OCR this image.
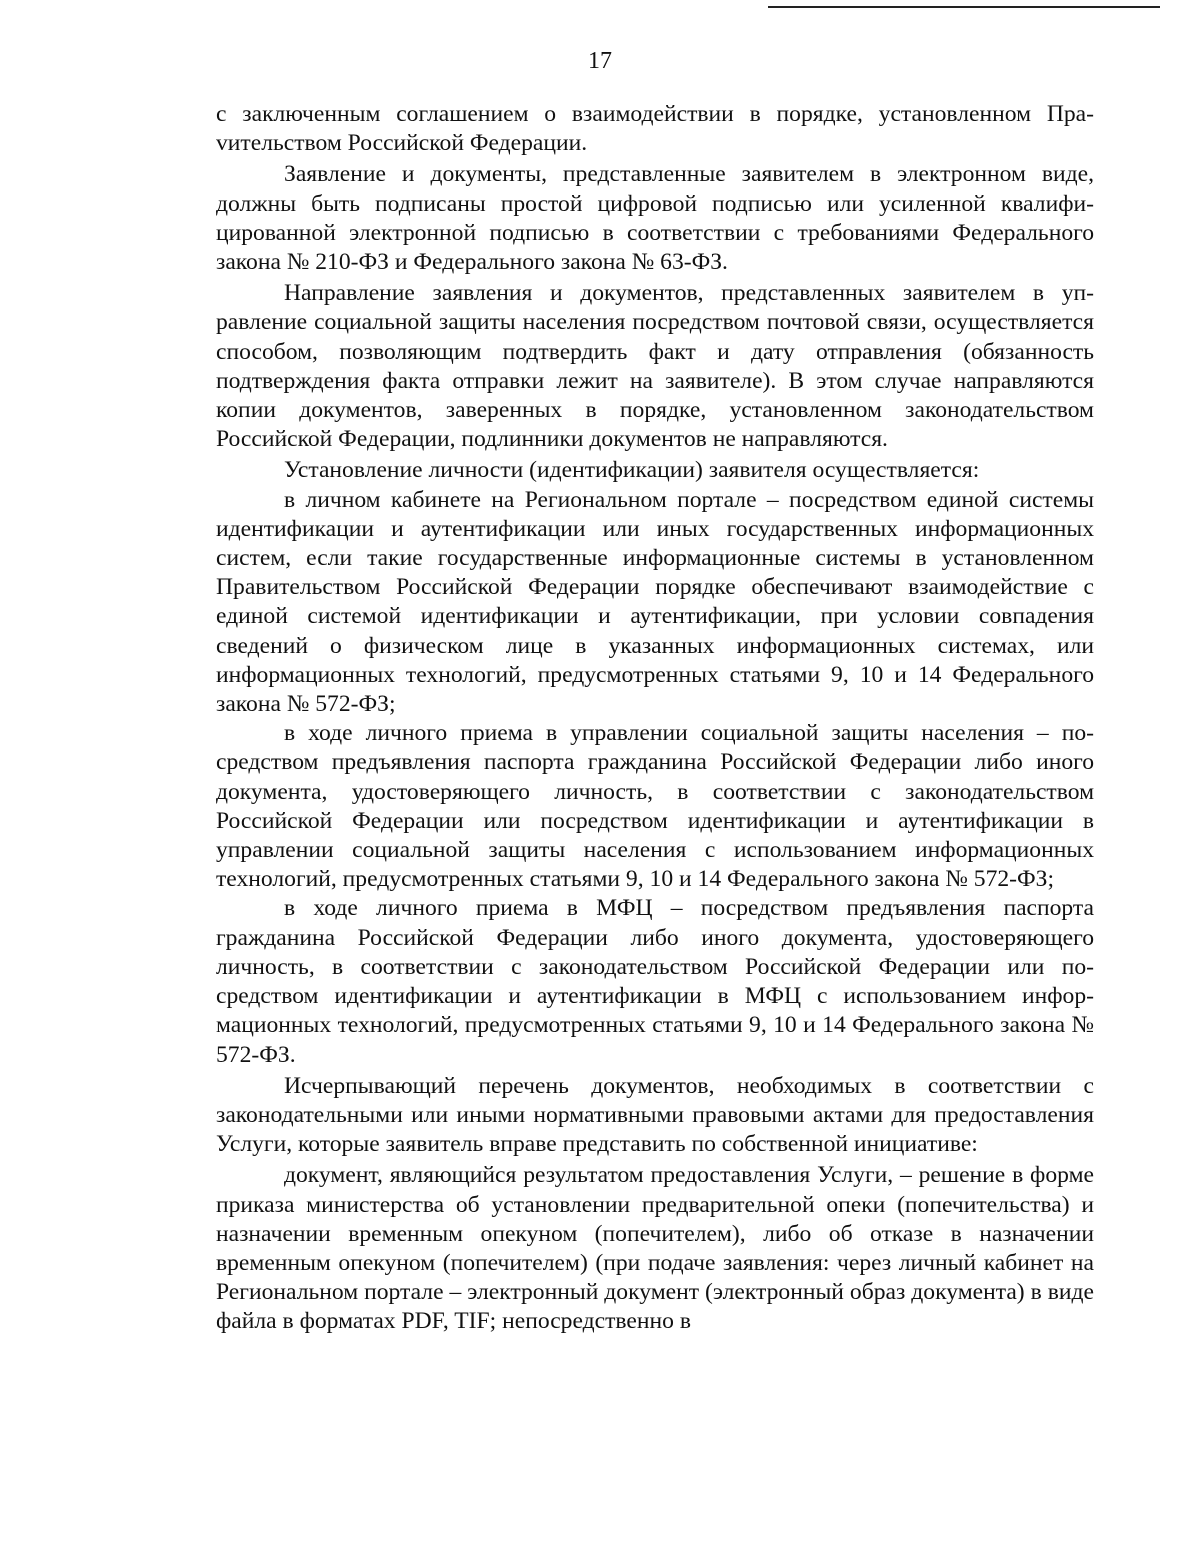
17

с заключенным соглашением о взаимодействии в порядке, установленном Праvительством Российской Федерации.

Заявление и документы, представленные заявителем в электронном виде, должны быть подписаны простой цифровой подписью или усиленной квалифицированной электронной подписью в соответствии с требованиями Федерального закона № 210-ФЗ и Федерального закона № 63-ФЗ.

Направление заявления и документов, представленных заявителем в управление социальной защиты населения посредством почтовой связи, осуществляется способом, позволяющим подтвердить факт и дату отправления (обязанность подтверждения факта отправки лежит на заявителе). В этом случае направляются копии документов, заверенных в порядке, установленном законодательством Российской Федерации, подлинники документов не направляются.

Установление личности (идентификации) заявителя осуществляется:

в личном кабинете на Региональном портале – посредством единой системы идентификации и аутентификации или иных государственных информационных систем, если такие государственные информационные системы в установленном Правительством Российской Федерации порядке обеспечивают взаимодействие с единой системой идентификации и аутентификации, при условии совпадения сведений о физическом лице в указанных информационных системах, или информационных технологий, предусмотренных статьями 9, 10 и 14 Федерального закона № 572-ФЗ;

в ходе личного приема в управлении социальной защиты населения – посредством предъявления паспорта гражданина Российской Федерации либо иного документа, удостоверяющего личность, в соответствии с законодательством Российской Федерации или посредством идентификации и аутентификации в управлении социальной защиты населения с использованием информационных технологий, предусмотренных статьями 9, 10 и 14 Федерального закона № 572-ФЗ;

в ходе личного приема в МФЦ – посредством предъявления паспорта гражданина Российской Федерации либо иного документа, удостоверяющего личность, в соответствии с законодательством Российской Федерации или посредством идентификации и аутентификации в МФЦ с использованием информационных технологий, предусмотренных статьями 9, 10 и 14 Федерального закона № 572-ФЗ.

Исчерпывающий перечень документов, необходимых в соответствии с законодательными или иными нормативными правовыми актами для предоставления Услуги, которые заявитель вправе представить по собственной инициативе:

документ, являющийся результатом предоставления Услуги, – решение в форме приказа министерства об установлении предварительной опеки (попечительства) и назначении временным опекуном (попечителем), либо об отказе в назначении временным опекуном (попечителем) (при подаче заявления: через личный кабинет на Региональном портале – электронный документ (электронный образ документа) в виде файла в форматах PDF, TIF; непосредственно в
